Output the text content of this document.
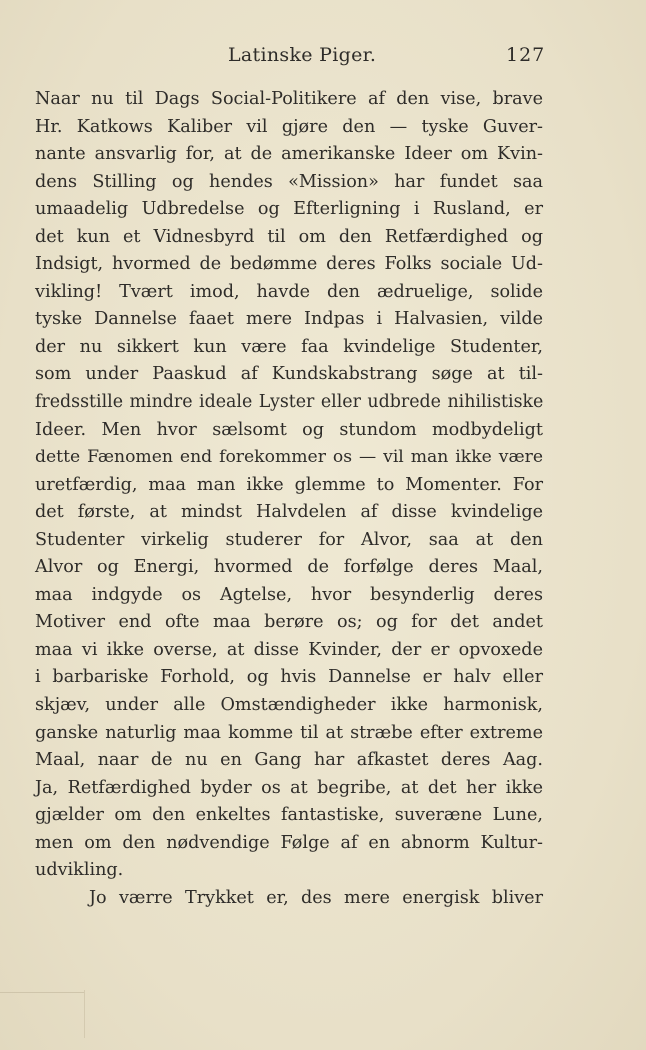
Latinske Piger.	127
Naar nu til Dags Social-Politikere af den vise, brave
Hr. Katkows Kaliber vil gjøre den — tyske Guver-
nante ansvarlig for, at de amerikanske Ideer om Kvin-
dens Stilling og hendes «Mission» har fundet saa
umaadelig Udbredelse og Efterligning i Rusland, er
det kun et Vidnesbyrd til om den Retfærdighed og
Indsigt, hvormed de bedømme deres Folks sociale Ud-
vikling! Tvært imod, havde den ædruelige, solide
tyske Dannelse faaet mere Indpas i Halvasien, vilde
der nu sikkert kun være faa kvindelige Studenter,
som under Paaskud af Kundskabstrang søge at til-
fredsstille mindre ideale Lyster eller udbrede nihilistiske
Ideer. Men hvor sælsomt og stundom modbydeligt
dette Fænomen end forekommer os — vil man ikke være
uretfærdig, maa man ikke glemme to Momenter. For
det første, at mindst Halvdelen af disse kvindelige
Studenter virkelig studerer for Alvor, saa at den
Alvor og Energi, hvormed de forfølge deres Maal,
maa indgyde os Agtelse, hvor besynderlig deres
Motiver end ofte maa berøre os; og for det andet
maa vi ikke overse, at disse Kvinder, der er opvoxede
i barbariske Forhold, og hvis Dannelse er halv eller
skjæv, under alle Omstændigheder ikke harmonisk,
ganske naturlig maa komme til at stræbe efter extreme
Maal, naar de nu en Gang har afkastet deres Aag.
Ja, Retfærdighed byder os at begribe, at det her ikke
gjælder om den enkeltes fantastiske, suveræne Lune,
men om den nødvendige Følge af en abnorm Kultur-
udvikling.
Jo værre Trykket er, des mere energisk bliver
